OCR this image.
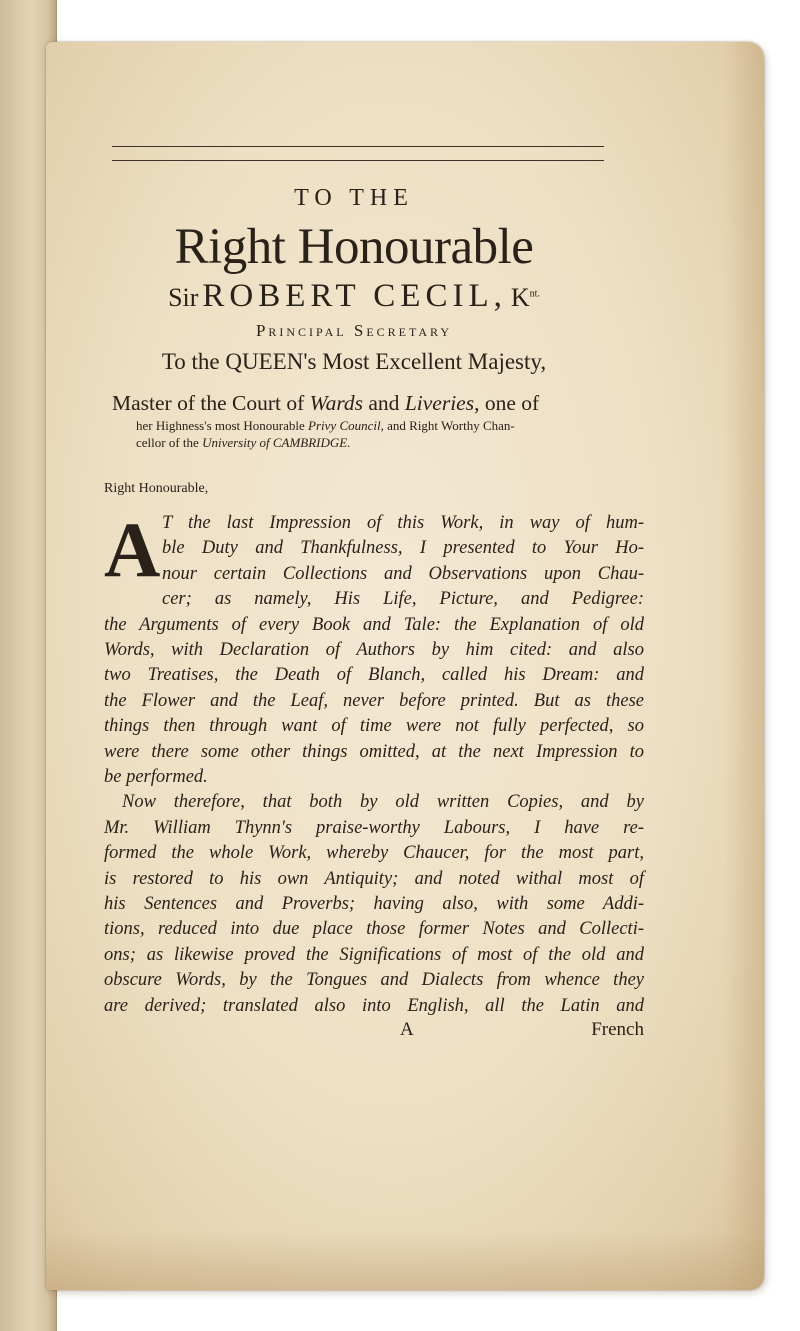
TO THE
Right Honourable
Sir ROBERT CECIL, $K^{nt.}$
Principal Secretary
To the QUEEN's Most Excellent Majesty,
Master of the Court of Wards and Liveries, one of
her Highness's most Honourable Privy Council, and Right Worthy Chan-
cellor of the University of CAMBRIDGE.
Right Honourable,
A T the last Impression of this Work, in way of hum-
ble Duty and Thankfulness, I presented to Your Ho-
nour certain Collections and Observations upon Chau-
cer; as namely, His Life, Picture, and Pedigree:
the Arguments of every Book and Tale: the Explanation of old
Words, with Declaration of Authors by him cited: and also
two Treatises, the Death of Blanch, called his Dream: and
the Flower and the Leaf, never before printed. But as these
things then through want of time were not fully perfected, so
were there some other things omitted, at the next Impression to
be performed.
Now therefore, that both by old written Copies, and by
Mr. William Thynn's praise-worthy Labours, I have re-
formed the whole Work, whereby Chaucer, for the most part,
is restored to his own Antiquity; and noted withal most of
his Sentences and Proverbs; having also, with some Addi-
tions, reduced into due place those former Notes and Collecti-
ons; as likewise proved the Significations of most of the old and
obscure Words, by the Tongues and Dialects from whence they
are derived; translated also into English, all the Latin and
A	French
